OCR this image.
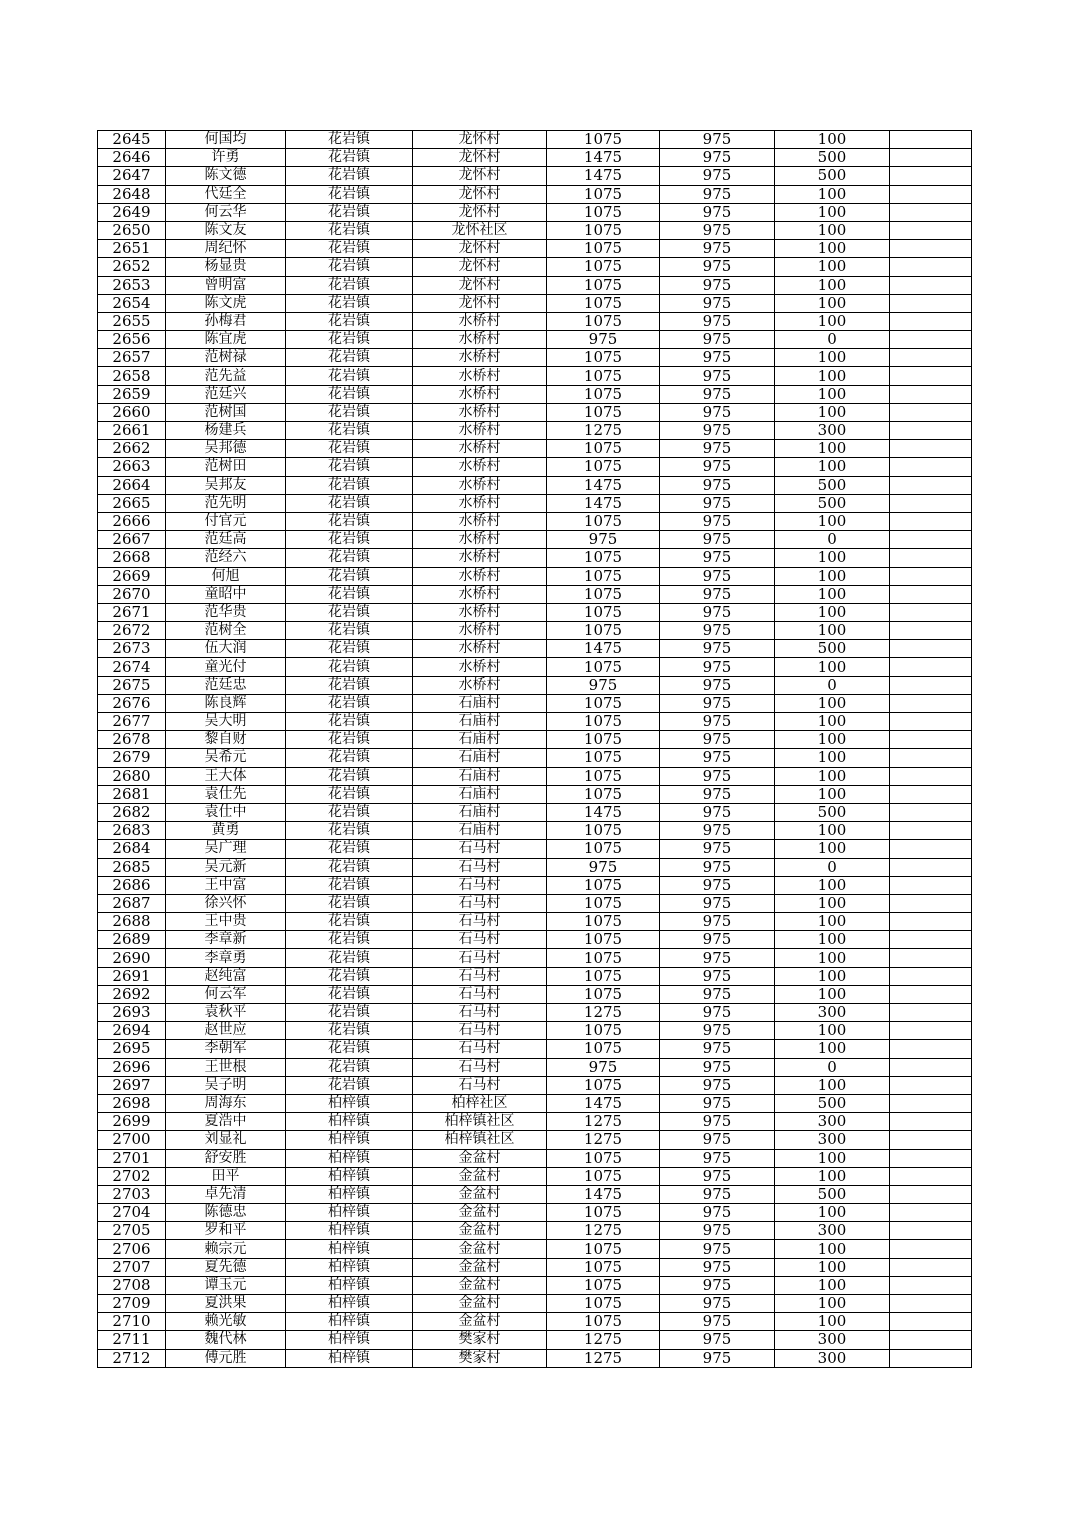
2645	何国均	花岩镇	龙怀村	1075	975	100	
2646	许勇	花岩镇	龙怀村	1475	975	500	
2647	陈文德	花岩镇	龙怀村	1475	975	500	
2648	代廷全	花岩镇	龙怀村	1075	975	100	
2649	何云华	花岩镇	龙怀村	1075	975	100	
2650	陈文友	花岩镇	龙怀社区	1075	975	100	
2651	周纪怀	花岩镇	龙怀村	1075	975	100	
2652	杨显贵	花岩镇	龙怀村	1075	975	100	
2653	曾明富	花岩镇	龙怀村	1075	975	100	
2654	陈文虎	花岩镇	龙怀村	1075	975	100	
2655	孙梅君	花岩镇	水桥村	1075	975	100	
2656	陈宜虎	花岩镇	水桥村	975	975	0	
2657	范树禄	花岩镇	水桥村	1075	975	100	
2658	范先益	花岩镇	水桥村	1075	975	100	
2659	范廷兴	花岩镇	水桥村	1075	975	100	
2660	范树国	花岩镇	水桥村	1075	975	100	
2661	杨建兵	花岩镇	水桥村	1275	975	300	
2662	吴邦德	花岩镇	水桥村	1075	975	100	
2663	范树田	花岩镇	水桥村	1075	975	100	
2664	吴邦友	花岩镇	水桥村	1475	975	500	
2665	范先明	花岩镇	水桥村	1475	975	500	
2666	付官元	花岩镇	水桥村	1075	975	100	
2667	范廷高	花岩镇	水桥村	975	975	0	
2668	范经六	花岩镇	水桥村	1075	975	100	
2669	何旭	花岩镇	水桥村	1075	975	100	
2670	童昭中	花岩镇	水桥村	1075	975	100	
2671	范华贵	花岩镇	水桥村	1075	975	100	
2672	范树全	花岩镇	水桥村	1075	975	100	
2673	伍大润	花岩镇	水桥村	1475	975	500	
2674	童光付	花岩镇	水桥村	1075	975	100	
2675	范廷忠	花岩镇	水桥村	975	975	0	
2676	陈良辉	花岩镇	石庙村	1075	975	100	
2677	吴大明	花岩镇	石庙村	1075	975	100	
2678	黎自财	花岩镇	石庙村	1075	975	100	
2679	吴希元	花岩镇	石庙村	1075	975	100	
2680	王大体	花岩镇	石庙村	1075	975	100	
2681	袁仕先	花岩镇	石庙村	1075	975	100	
2682	袁仕中	花岩镇	石庙村	1475	975	500	
2683	黄勇	花岩镇	石庙村	1075	975	100	
2684	吴广理	花岩镇	石马村	1075	975	100	
2685	吴元新	花岩镇	石马村	975	975	0	
2686	王中富	花岩镇	石马村	1075	975	100	
2687	徐兴怀	花岩镇	石马村	1075	975	100	
2688	王中贵	花岩镇	石马村	1075	975	100	
2689	李章新	花岩镇	石马村	1075	975	100	
2690	李章勇	花岩镇	石马村	1075	975	100	
2691	赵纯富	花岩镇	石马村	1075	975	100	
2692	何云军	花岩镇	石马村	1075	975	100	
2693	袁秋平	花岩镇	石马村	1275	975	300	
2694	赵世应	花岩镇	石马村	1075	975	100	
2695	李朝军	花岩镇	石马村	1075	975	100	
2696	王世根	花岩镇	石马村	975	975	0	
2697	吴子明	花岩镇	石马村	1075	975	100	
2698	周海东	柏梓镇	柏梓社区	1475	975	500	
2699	夏浩中	柏梓镇	柏梓镇社区	1275	975	300	
2700	刘显礼	柏梓镇	柏梓镇社区	1275	975	300	
2701	舒安胜	柏梓镇	金盆村	1075	975	100	
2702	田平	柏梓镇	金盆村	1075	975	100	
2703	卓先清	柏梓镇	金盆村	1475	975	500	
2704	陈德忠	柏梓镇	金盆村	1075	975	100	
2705	罗和平	柏梓镇	金盆村	1275	975	300	
2706	赖宗元	柏梓镇	金盆村	1075	975	100	
2707	夏先德	柏梓镇	金盆村	1075	975	100	
2708	谭玉元	柏梓镇	金盆村	1075	975	100	
2709	夏洪果	柏梓镇	金盆村	1075	975	100	
2710	赖光敏	柏梓镇	金盆村	1075	975	100	
2711	魏代林	柏梓镇	樊家村	1275	975	300	
2712	傅元胜	柏梓镇	樊家村	1275	975	300	
